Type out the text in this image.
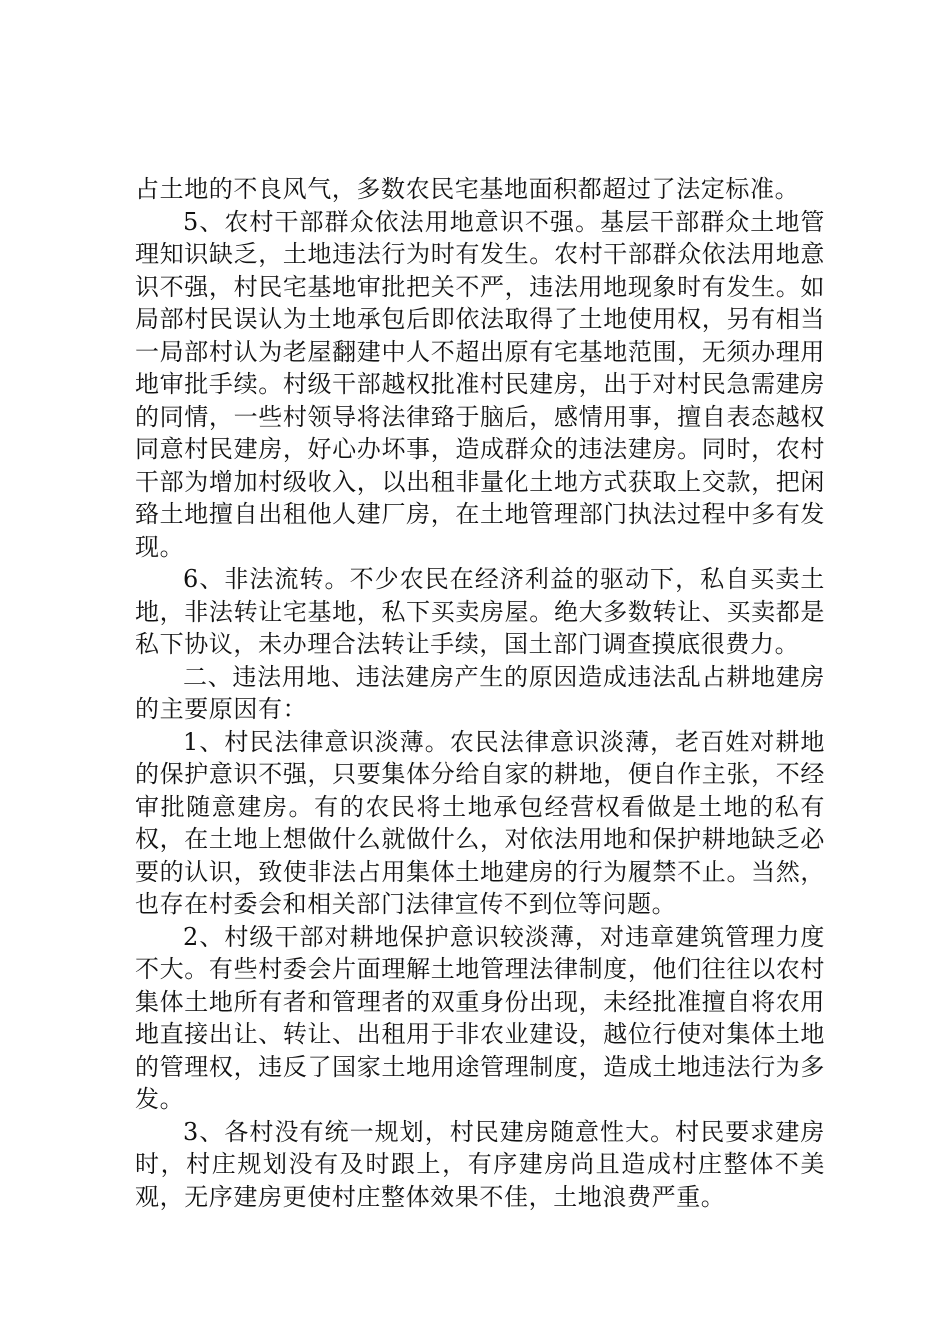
占土地的不良风气，多数农民宅基地面积都超过了法定标准。

5、农村干部群众依法用地意识不强。基层干部群众土地管理知识缺乏，土地违法行为时有发生。农村干部群众依法用地意识不强，村民宅基地审批把关不严，违法用地现象时有发生。如局部村民误认为土地承包后即依法取得了土地使用权，另有相当一局部村认为老屋翻建中人不超出原有宅基地范围，无须办理用地审批手续。村级干部越权批准村民建房，出于对村民急需建房的同情，一些村领导将法律臵于脑后，感情用事，擅自表态越权同意村民建房，好心办坏事，造成群众的违法建房。同时，农村干部为增加村级收入，以出租非量化土地方式获取上交款，把闲臵土地擅自出租他人建厂房，在土地管理部门执法过程中多有发现。

6、非法流转。不少农民在经济利益的驱动下，私自买卖土地，非法转让宅基地，私下买卖房屋。绝大多数转让、买卖都是私下协议，未办理合法转让手续，国土部门调查摸底很费力。

二、违法用地、违法建房产生的原因造成违法乱占耕地建房的主要原因有：

1、村民法律意识淡薄。农民法律意识淡薄，老百姓对耕地的保护意识不强，只要集体分给自家的耕地，便自作主张，不经审批随意建房。有的农民将土地承包经营权看做是土地的私有权，在土地上想做什么就做什么，对依法用地和保护耕地缺乏必要的认识，致使非法占用集体土地建房的行为履禁不止。当然，也存在村委会和相关部门法律宣传不到位等问题。

2、村级干部对耕地保护意识较淡薄，对违章建筑管理力度不大。有些村委会片面理解土地管理法律制度，他们往往以农村集体土地所有者和管理者的双重身份出现，未经批准擅自将农用地直接出让、转让、出租用于非农业建设，越位行使对集体土地的管理权，违反了国家土地用途管理制度，造成土地违法行为多发。

3、各村没有统一规划，村民建房随意性大。村民要求建房时，村庄规划没有及时跟上，有序建房尚且造成村庄整体不美观，无序建房更使村庄整体效果不佳，土地浪费严重。
